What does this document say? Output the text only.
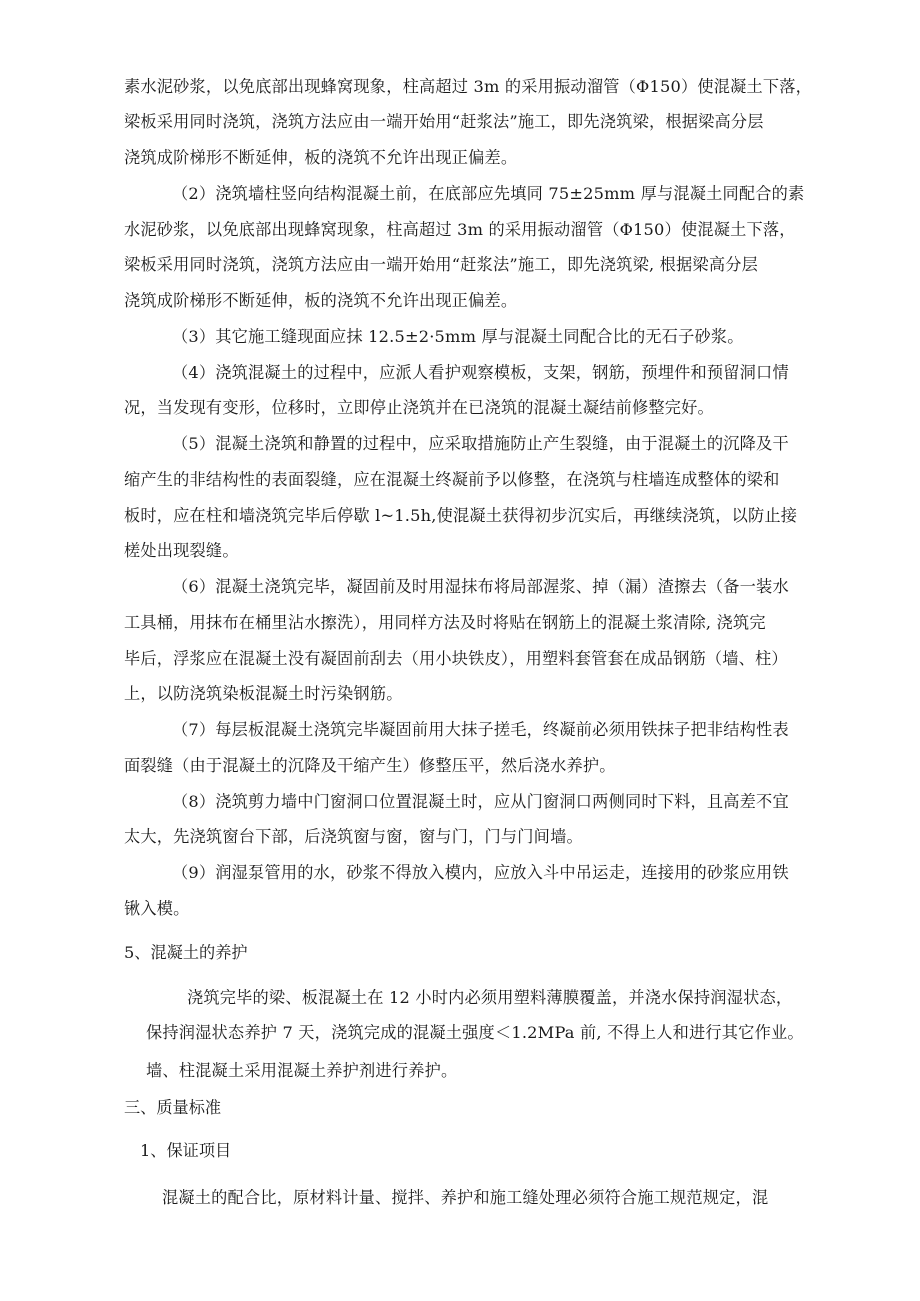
素水泥砂浆，以免底部出现蜂窝现象，柱高超过 3m 的采用振动溜管（Φ150）使混凝土下落，
梁板采用同时浇筑，浇筑方法应由一端开始用“赶浆法”施工，即先浇筑梁，根据梁高分层
浇筑成阶梯形不断延伸，板的浇筑不允许出现正偏差。
（2）浇筑墙柱竖向结构混凝土前，在底部应先填同 75±25mm 厚与混凝土同配合的素
水泥砂浆，以免底部出现蜂窝现象，柱高超过 3m 的采用振动溜管（Φ150）使混凝土下落，
梁板采用同时浇筑，浇筑方法应由一端开始用“赶浆法”施工，即先浇筑梁, 根据梁高分层
浇筑成阶梯形不断延伸，板的浇筑不允许出现正偏差。
（3）其它施工缝现面应抹 12.5±2·5mm 厚与混凝土同配合比的无石子砂浆。
（4）浇筑混凝土的过程中，应派人看护观察模板，支架，钢筋，预埋件和预留洞口情
况，当发现有变形，位移时，立即停止浇筑并在已浇筑的混凝土凝结前修整完好。
（5）混凝土浇筑和静置的过程中，应采取措施防止产生裂缝，由于混凝土的沉降及干
缩产生的非结构性的表面裂缝，应在混凝土终凝前予以修整，在浇筑与柱墙连成整体的梁和
板时，应在柱和墙浇筑完毕后停歇 l~1.5h,使混凝土获得初步沉实后，再继续浇筑，以防止接
槎处出现裂缝。
（6）混凝土浇筑完毕，凝固前及时用湿抹布将局部渥浆、掉（漏）渣擦去（备一装水
工具桶，用抹布在桶里沾水擦洗），用同样方法及时将贴在钢筋上的混凝土浆清除, 浇筑完
毕后，浮浆应在混凝土没有凝固前刮去（用小块铁皮），用塑料套管套在成品钢筋（墙、柱）
上，以防浇筑染板混凝土时污染钢筋。
（7）每层板混凝土浇筑完毕凝固前用大抹子搓毛，终凝前必须用铁抹子把非结构性表
面裂缝（由于混凝土的沉降及干缩产生）修整压平，然后浇水养护。
（8）浇筑剪力墙中门窗洞口位置混凝土时，应从门窗洞口两侧同时下料，且高差不宜
太大，先浇筑窗台下部，后浇筑窗与窗，窗与门，门与门间墙。
（9）润湿泵管用的水，砂浆不得放入模内，应放入斗中吊运走，连接用的砂浆应用铁
锹入模。
5、混凝土的养护
浇筑完毕的梁、板混凝土在 12 小时内必须用塑料薄膜覆盖，并浇水保持润湿状态，
保持润湿状态养护 7 天，浇筑完成的混凝土强度＜1.2MPa 前, 不得上人和进行其它作业。
墙、柱混凝土采用混凝土养护剂进行养护。
三、质量标准
1、保证项目
混凝土的配合比，原材料计量、搅拌、养护和施工缝处理必须符合施工规范规定，混
